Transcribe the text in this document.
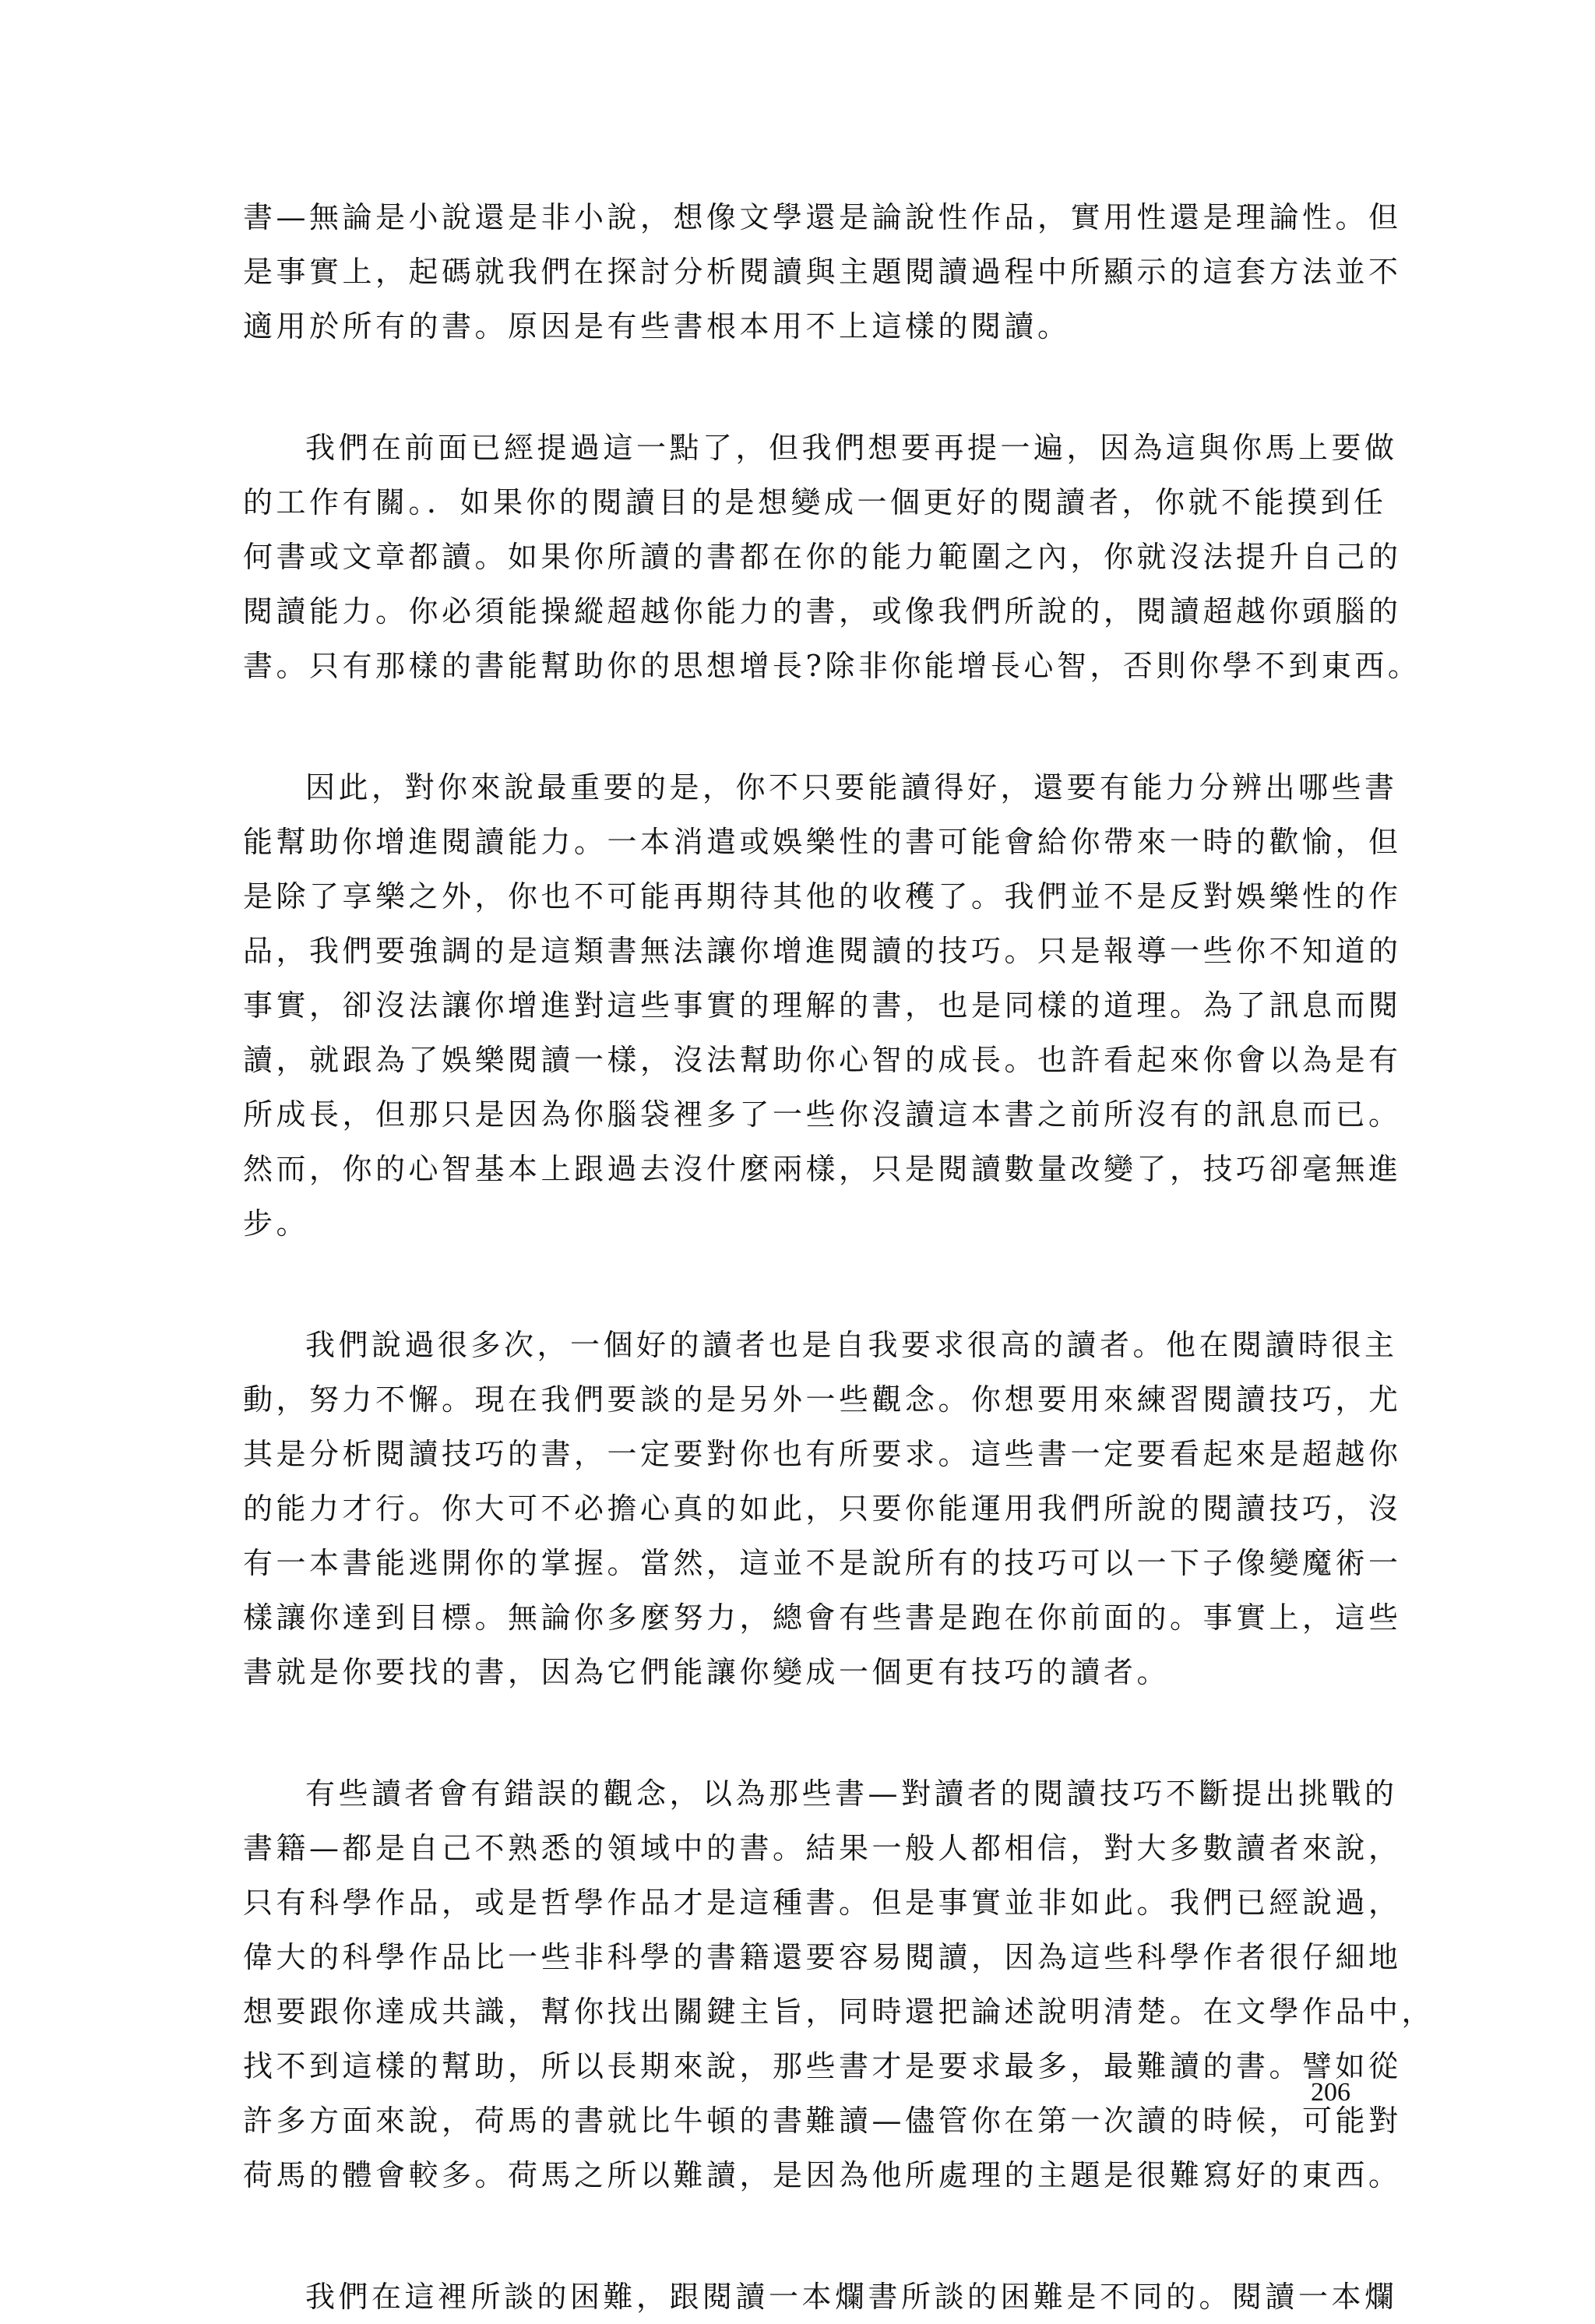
書—無論是小說還是非小說，想像文學還是論說性作品，實用性還是理論性。但
是事實上，起碼就我們在探討分析閱讀與主題閱讀過程中所顯示的這套方法並不
適用於所有的書。原因是有些書根本用不上這樣的閱讀。
我們在前面已經提過這一點了，但我們想要再提一遍，因為這與你馬上要做
的工作有關。．如果你的閱讀目的是想變成一個更好的閱讀者，你就不能摸到任
何書或文章都讀。如果你所讀的書都在你的能力範圍之內，你就沒法提升自己的
閱讀能力。你必須能操縱超越你能力的書，或像我們所說的，閱讀超越你頭腦的
書。只有那樣的書能幫助你的思想增長?除非你能增長心智，否則你學不到東西。
因此，對你來說最重要的是，你不只要能讀得好，還要有能力分辨出哪些書
能幫助你增進閱讀能力。一本消遣或娛樂性的書可能會給你帶來一時的歡愉，但
是除了享樂之外，你也不可能再期待其他的收穫了。我們並不是反對娛樂性的作
品，我們要強調的是這類書無法讓你增進閱讀的技巧。只是報導一些你不知道的
事實，卻沒法讓你增進對這些事實的理解的書，也是同樣的道理。為了訊息而閱
讀，就跟為了娛樂閱讀一樣，沒法幫助你心智的成長。也許看起來你會以為是有
所成長，但那只是因為你腦袋裡多了一些你沒讀這本書之前所沒有的訊息而已。
然而，你的心智基本上跟過去沒什麼兩樣，只是閱讀數量改變了，技巧卻毫無進
步。
我們說過很多次，一個好的讀者也是自我要求很高的讀者。他在閱讀時很主
動，努力不懈。現在我們要談的是另外一些觀念。你想要用來練習閱讀技巧，尤
其是分析閱讀技巧的書，一定要對你也有所要求。這些書一定要看起來是超越你
的能力才行。你大可不必擔心真的如此，只要你能運用我們所說的閱讀技巧，沒
有一本書能逃開你的掌握。當然，這並不是說所有的技巧可以一下子像變魔術一
樣讓你達到目標。無論你多麼努力，總會有些書是跑在你前面的。事實上，這些
書就是你要找的書，因為它們能讓你變成一個更有技巧的讀者。
有些讀者會有錯誤的觀念，以為那些書—對讀者的閱讀技巧不斷提出挑戰的
書籍—都是自己不熟悉的領域中的書。結果一般人都相信，對大多數讀者來說，
只有科學作品，或是哲學作品才是這種書。但是事實並非如此。我們已經說過，
偉大的科學作品比一些非科學的書籍還要容易閱讀，因為這些科學作者很仔細地
想要跟你達成共識，幫你找出關鍵主旨，同時還把論述說明清楚。在文學作品中，
找不到這樣的幫助，所以長期來說，那些書才是要求最多，最難讀的書。譬如從
許多方面來說，荷馬的書就比牛頓的書難讀—儘管你在第一次讀的時候，可能對
荷馬的體會較多。荷馬之所以難讀，是因為他所處理的主題是很難寫好的東西。
我們在這裡所談的困難，跟閱讀一本爛書所談的困難是不同的。閱讀一本爛
206
